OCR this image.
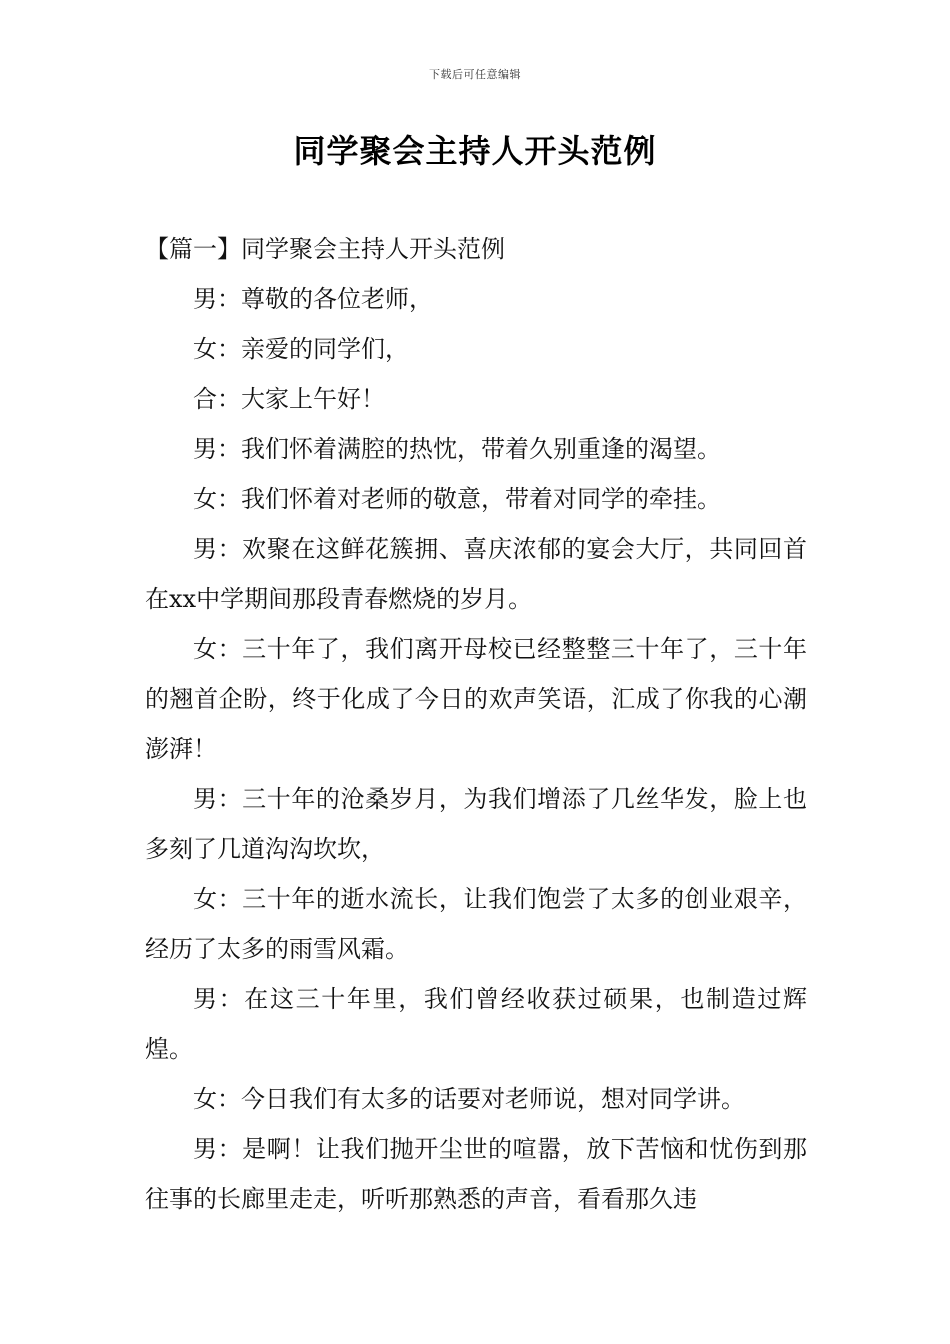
下载后可任意编辑
同学聚会主持人开头范例

【篇一】同学聚会主持人开头范例

男：尊敬的各位老师，

女：亲爱的同学们，

合：大家上午好！

男：我们怀着满腔的热忱，带着久别重逢的渴望。

女：我们怀着对老师的敬意，带着对同学的牵挂。

男：欢聚在这鲜花簇拥、喜庆浓郁的宴会大厅，共同回首在xx中学期间那段青春燃烧的岁月。

女：三十年了，我们离开母校已经整整三十年了，三十年的翘首企盼，终于化成了今日的欢声笑语，汇成了你我的心潮澎湃！

男：三十年的沧桑岁月，为我们增添了几丝华发，脸上也多刻了几道沟沟坎坎，

女：三十年的逝水流长，让我们饱尝了太多的创业艰辛，经历了太多的雨雪风霜。

男：在这三十年里，我们曾经收获过硕果，也制造过辉煌。

女：今日我们有太多的话要对老师说，想对同学讲。

男：是啊！让我们抛开尘世的喧嚣，放下苦恼和忧伤到那往事的长廊里走走，听听那熟悉的声音，看看那久违
